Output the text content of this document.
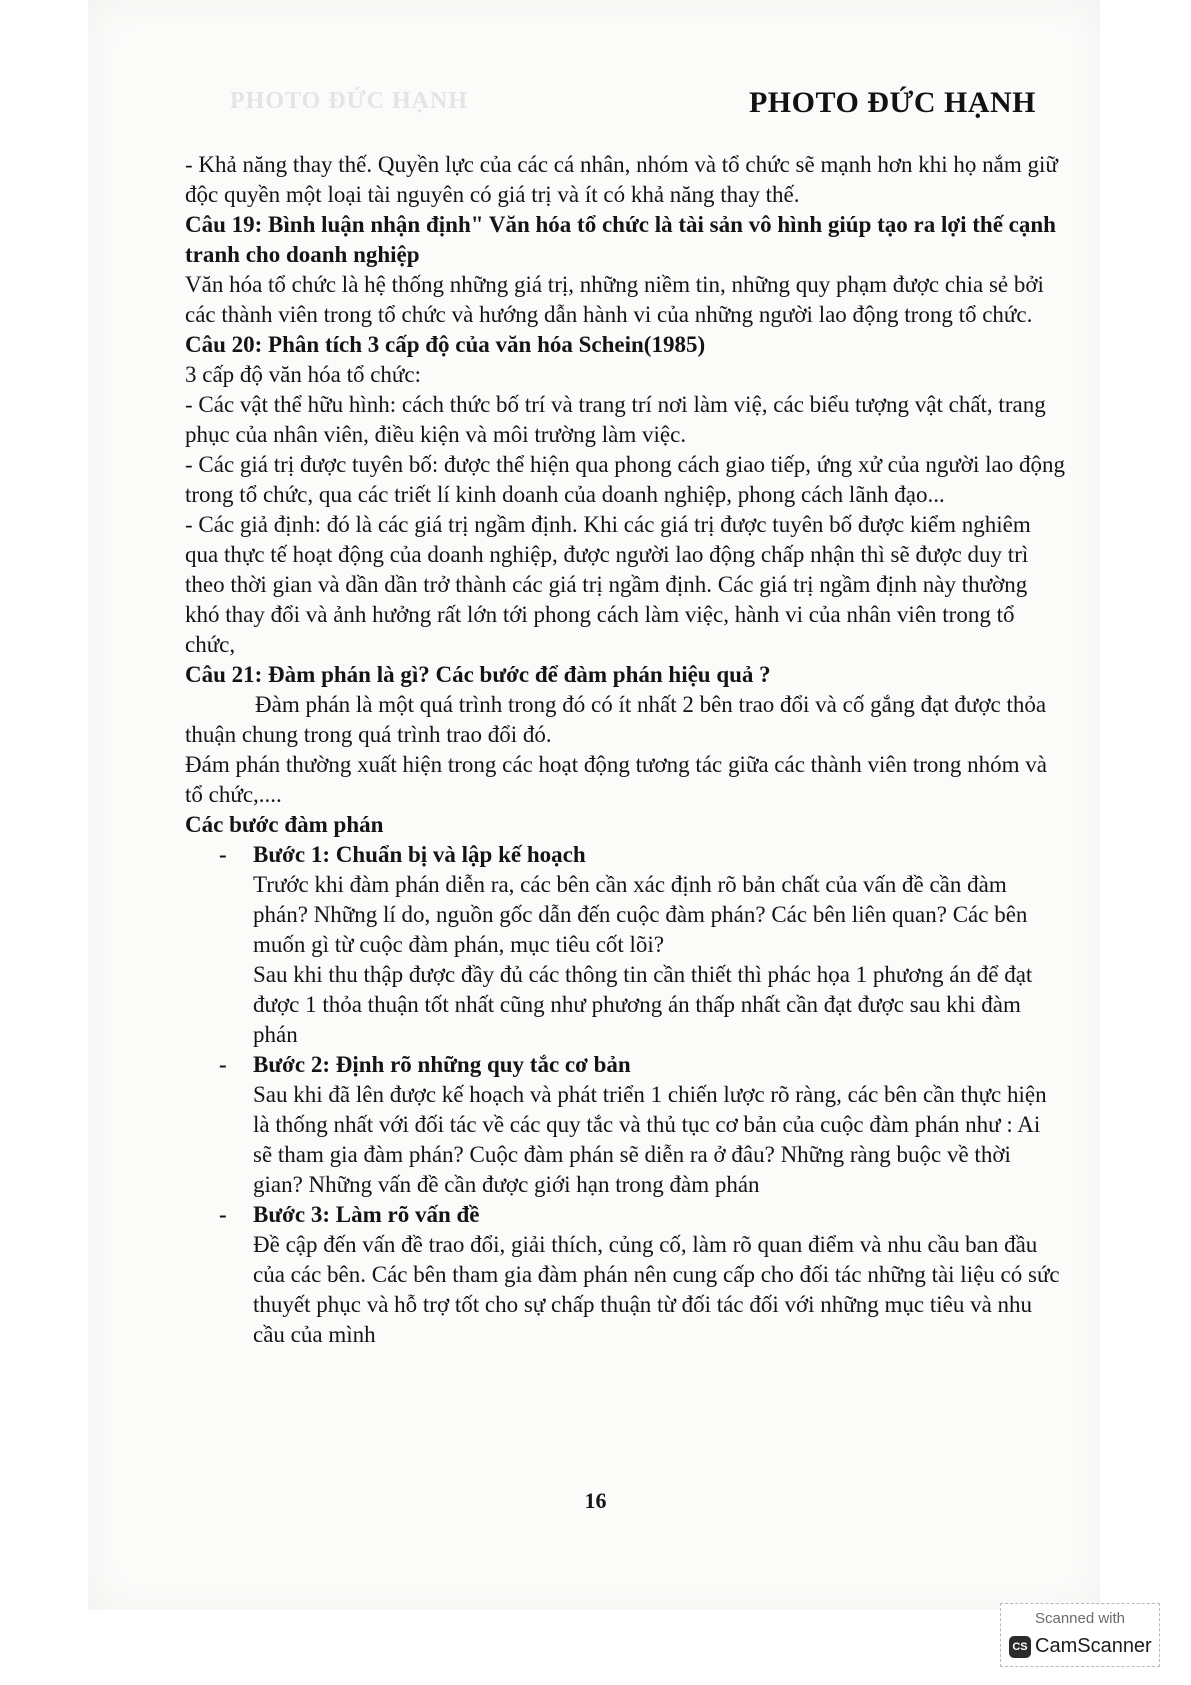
PHOTO ĐỨC HẠNH	PHOTO ĐỨC HẠNH

- Khả năng thay thế. Quyền lực của các cá nhân, nhóm và tổ chức sẽ mạnh hơn khi họ nắm giữ độc quyền một loại tài nguyên có giá trị và ít có khả năng thay thế.

Câu 19: Bình luận nhận định" Văn hóa tổ chức là tài sản vô hình giúp tạo ra lợi thế cạnh tranh cho doanh nghiệp

Văn hóa tổ chức là hệ thống những giá trị, những niềm tin, những quy phạm được chia sẻ bởi các thành viên trong tổ chức và hướng dẫn hành vi của những người lao động trong tổ chức.

Câu 20: Phân tích 3 cấp độ của văn hóa Schein(1985)

3 cấp độ văn hóa tổ chức:

- Các vật thể hữu hình: cách thức bố trí và trang trí nơi làm việ, các biểu tượng vật chất, trang phục của nhân viên, điều kiện và môi trường làm việc.

- Các giá trị được tuyên bố: được thể hiện qua phong cách giao tiếp, ứng xử của người lao động trong tổ chức, qua các triết lí kinh doanh của doanh nghiệp, phong cách lãnh đạo...

- Các giả định: đó là các giá trị ngầm định. Khi các giá trị được tuyên bố được kiểm nghiêm qua thực tế hoạt động của doanh nghiệp, được người lao động chấp nhận thì sẽ được duy trì theo thời gian và dần dần trở thành các giá trị ngầm định. Các giá trị ngầm định này thường khó thay đổi và ảnh hưởng rất lớn tới phong cách làm việc, hành vi của nhân viên trong tổ chức,

Câu 21: Đàm phán là gì? Các bước để đàm phán hiệu quả ?

Đàm phán là một quá trình trong đó có ít nhất 2 bên trao đổi và cố gắng đạt được thỏa thuận chung trong quá trình trao đổi đó.

Đám phán thường xuất hiện trong các hoạt động tương tác giữa các thành viên trong nhóm và tổ chức,....

Các bước đàm phán

- Bước 1: Chuẩn bị và lập kế hoạch

Trước khi đàm phán diễn ra, các bên cần xác định rõ bản chất của vấn đề cần đàm phán? Những lí do, nguồn gốc dẫn đến cuộc đàm phán? Các bên liên quan? Các bên muốn gì từ cuộc đàm phán, mục tiêu cốt lõi?

Sau khi thu thập được đầy đủ các thông tin cần thiết thì phác họa 1 phương án để đạt được 1 thỏa thuận tốt nhất cũng như phương án thấp nhất cần đạt được sau khi đàm phán

- Bước 2: Định rõ những quy tắc cơ bản

Sau khi đã lên được kế hoạch và phát triển 1 chiến lược rõ ràng, các bên cần thực hiện là thống nhất với đối tác về các quy tắc và thủ tục cơ bản của cuộc đàm phán như : Ai sẽ tham gia đàm phán? Cuộc đàm phán sẽ diễn ra ở đâu? Những ràng buộc về thời gian? Những vấn đề cần được giới hạn trong đàm phán

- Bước 3: Làm rõ vấn đề

Đề cập đến vấn đề trao đổi, giải thích, củng cố, làm rõ quan điểm và nhu cầu ban đầu của các bên. Các bên tham gia đàm phán nên cung cấp cho đối tác những tài liệu có sức thuyết phục và hỗ trợ tốt cho sự chấp thuận từ đối tác đối với những mục tiêu và nhu cầu của mình

16
Scanned with
CS CamScanner
